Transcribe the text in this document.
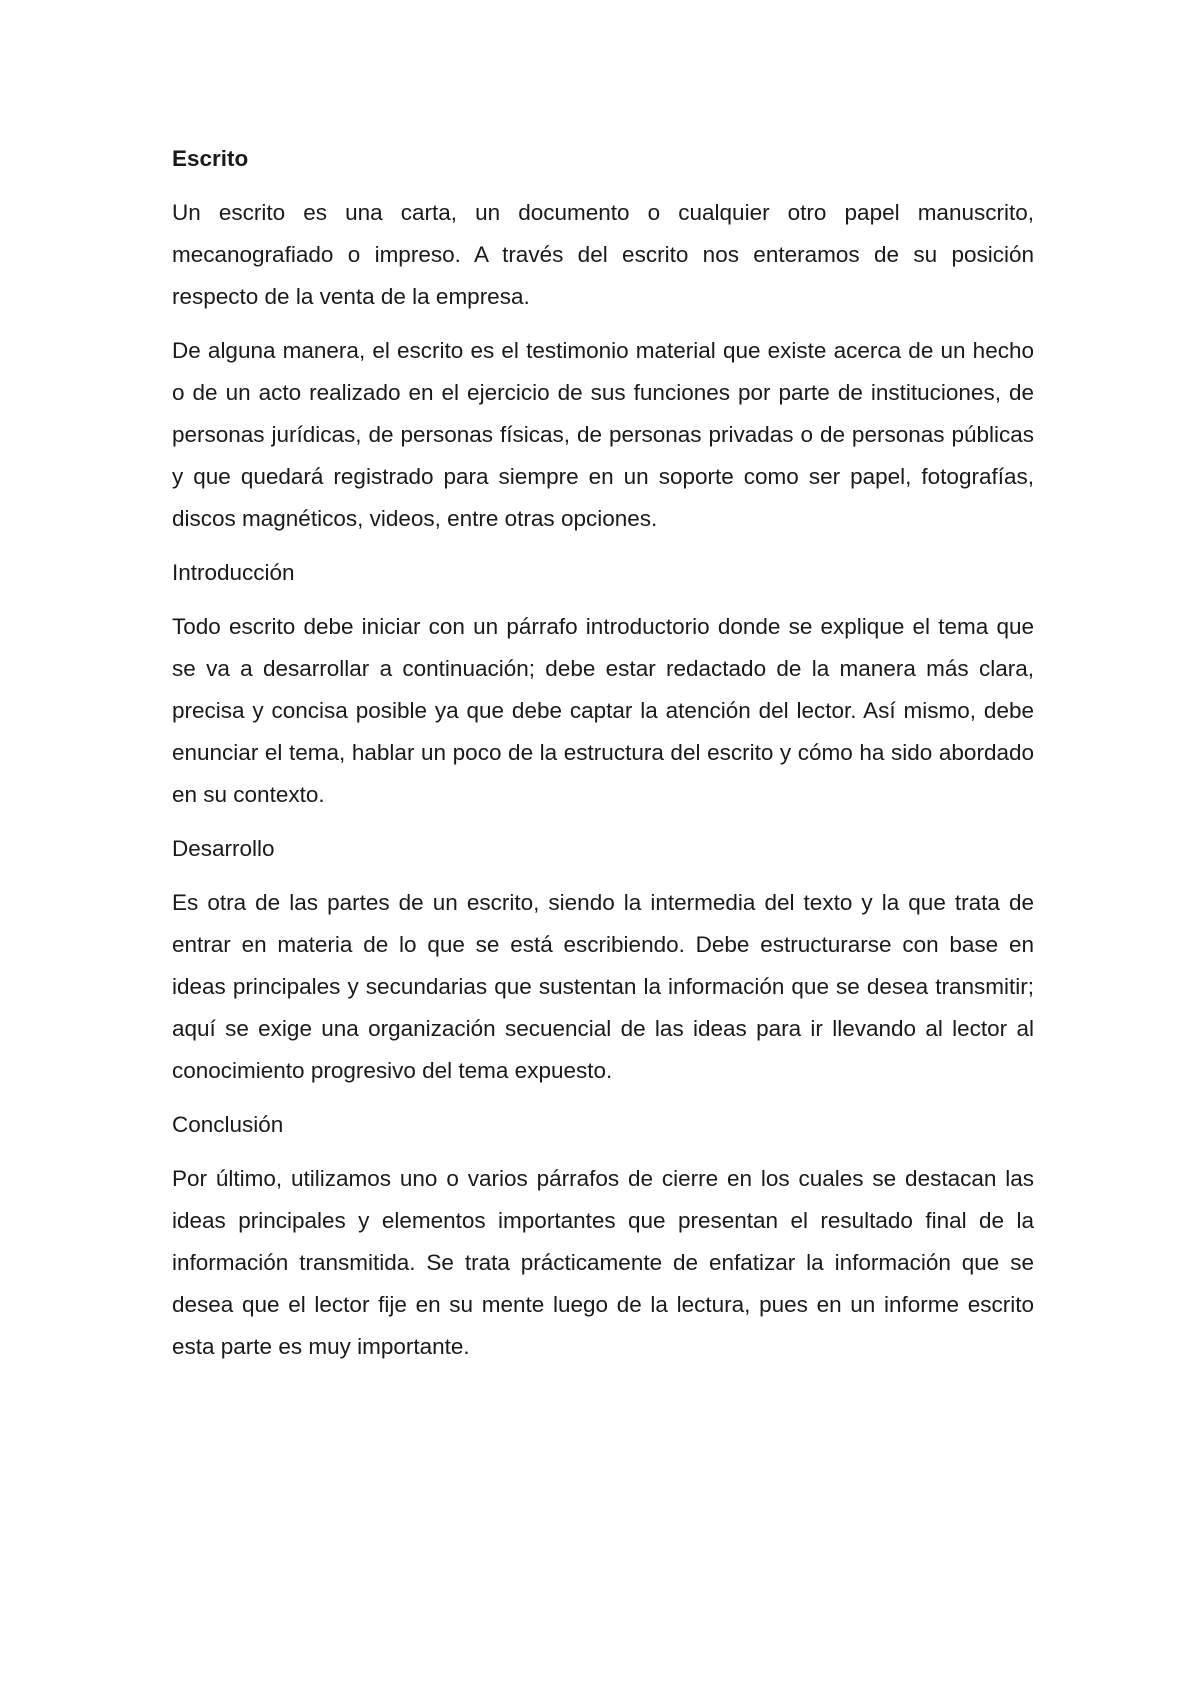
Escrito

Un escrito es una carta, un documento o cualquier otro papel manuscrito, mecanografiado o impreso. A través del escrito nos enteramos de su posición respecto de la venta de la empresa.

De alguna manera, el escrito es el testimonio material que existe acerca de un hecho o de un acto realizado en el ejercicio de sus funciones por parte de instituciones, de personas jurídicas, de personas físicas, de personas privadas o de personas públicas y que quedará registrado para siempre en un soporte como ser papel, fotografías, discos magnéticos, videos, entre otras opciones.

Introducción

Todo escrito debe iniciar con un párrafo introductorio donde se explique el tema que se va a desarrollar a continuación; debe estar redactado de la manera más clara, precisa y concisa posible ya que debe captar la atención del lector. Así mismo, debe enunciar el tema, hablar un poco de la estructura del escrito y cómo ha sido abordado en su contexto.

Desarrollo

Es otra de las partes de un escrito, siendo la intermedia del texto y la que trata de entrar en materia de lo que se está escribiendo. Debe estructurarse con base en ideas principales y secundarias que sustentan la información que se desea transmitir; aquí se exige una organización secuencial de las ideas para ir llevando al lector al conocimiento progresivo del tema expuesto.

Conclusión

Por último, utilizamos uno o varios párrafos de cierre en los cuales se destacan las ideas principales y elementos importantes que presentan el resultado final de la información transmitida. Se trata prácticamente de enfatizar la información que se desea que el lector fije en su mente luego de la lectura, pues en un informe escrito esta parte es muy importante.
